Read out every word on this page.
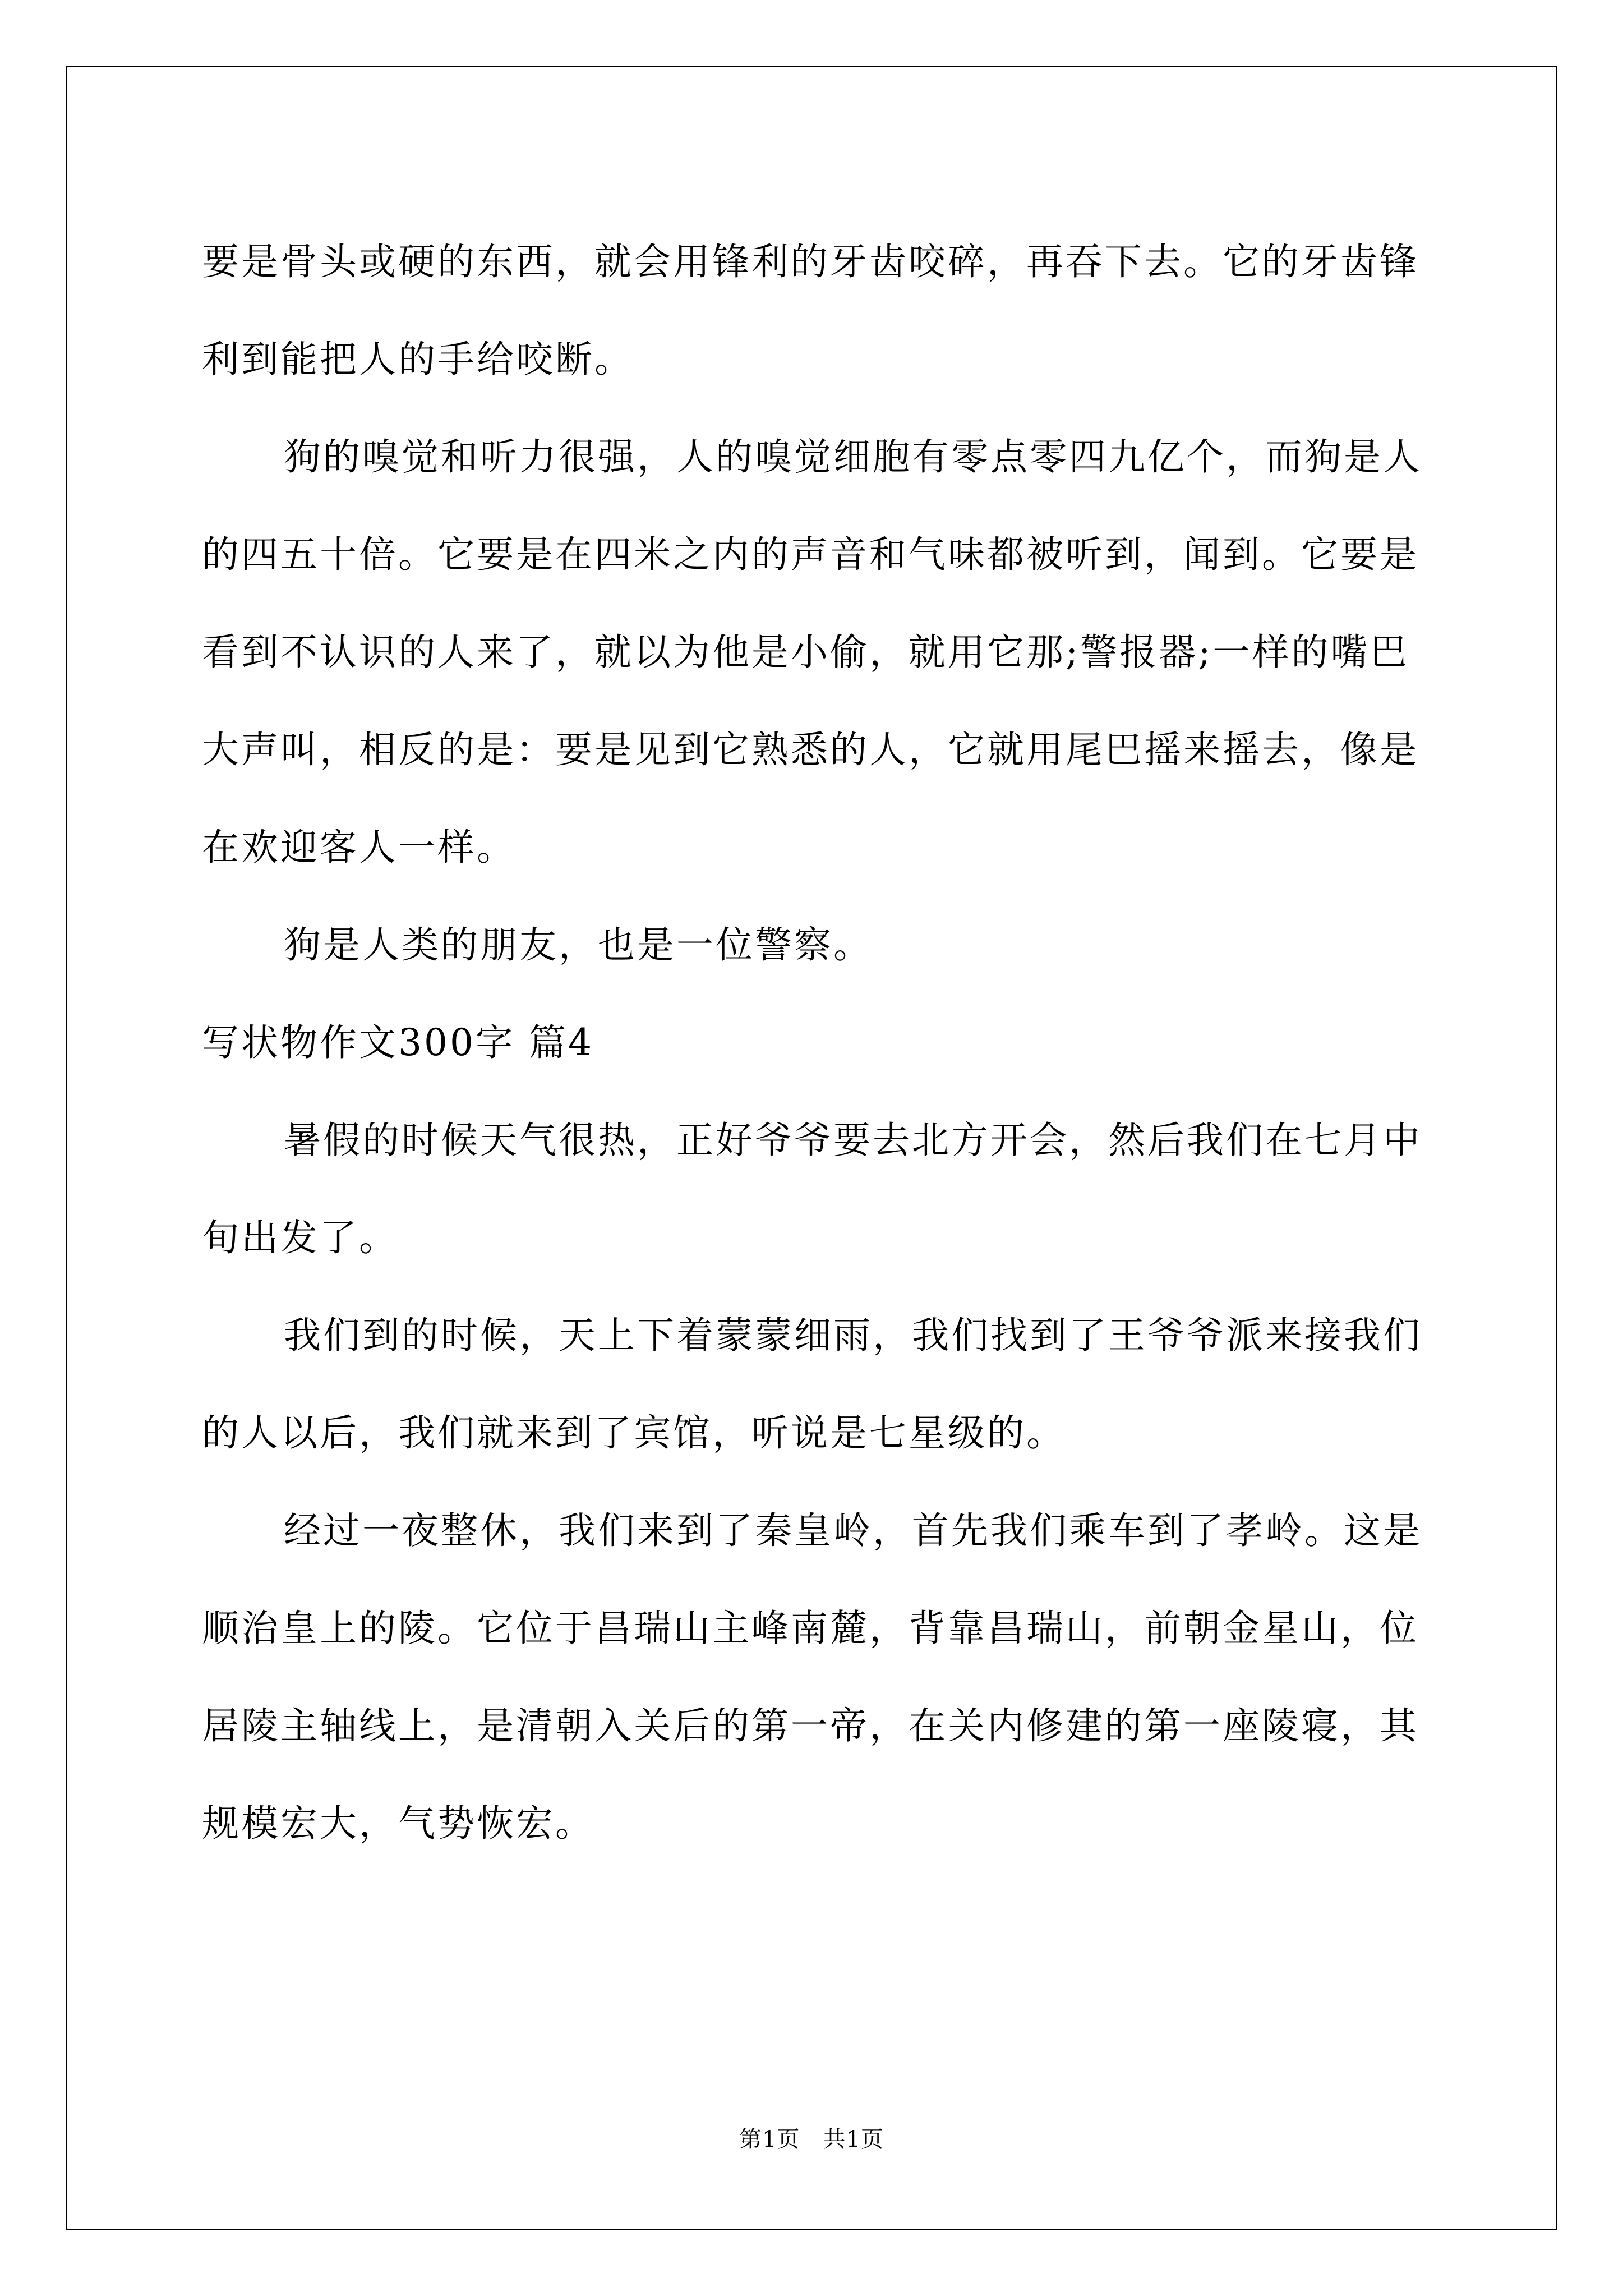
要是骨头或硬的东西，就会用锋利的牙齿咬碎，再吞下去。它的牙齿锋利到能把人的手给咬断。

狗的嗅觉和听力很强，人的嗅觉细胞有零点零四九亿个，而狗是人的四五十倍。它要是在四米之内的声音和气味都被听到，闻到。它要是看到不认识的人来了，就以为他是小偷，就用它那;警报器;一样的嘴巴大声叫，相反的是：要是见到它熟悉的人，它就用尾巴摇来摇去，像是在欢迎客人一样。

狗是人类的朋友，也是一位警察。

写状物作文300字 篇4

暑假的时候天气很热，正好爷爷要去北方开会，然后我们在七月中旬出发了。

我们到的时候，天上下着蒙蒙细雨，我们找到了王爷爷派来接我们的人以后，我们就来到了宾馆，听说是七星级的。

经过一夜整休，我们来到了秦皇岭，首先我们乘车到了孝岭。这是顺治皇上的陵。它位于昌瑞山主峰南麓，背靠昌瑞山，前朝金星山，位居陵主轴线上，是清朝入关后的第一帝，在关内修建的第一座陵寝，其规模宏大，气势恢宏。

第1页　共1页
